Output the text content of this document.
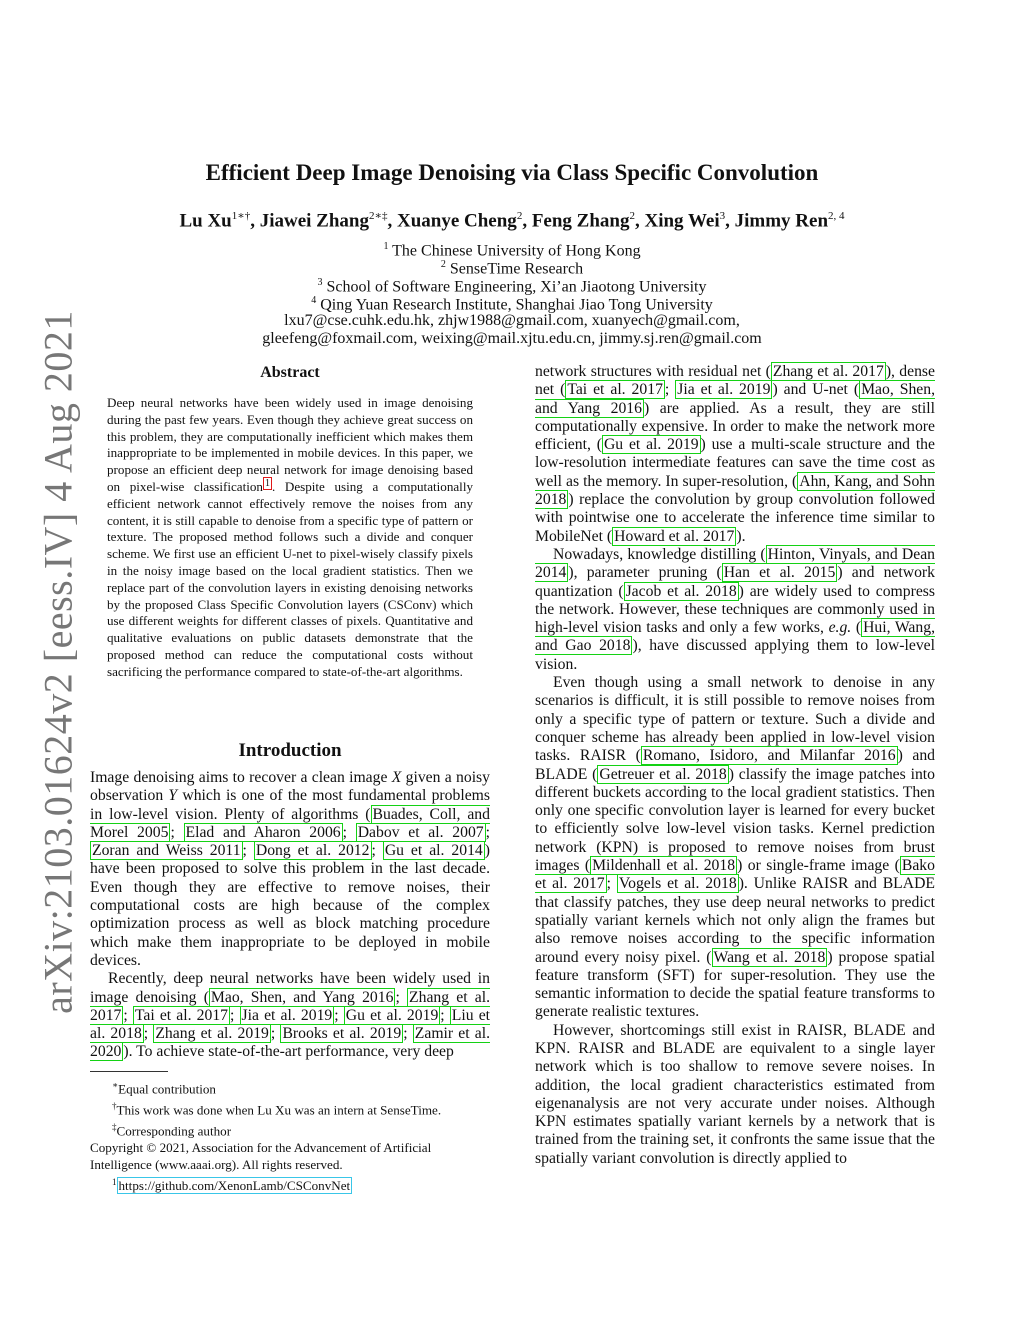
arXiv:2103.01624v2 [eess.IV] 4 Aug 2021
Efficient Deep Image Denoising via Class Specific Convolution
Lu $Xu^{1∗\dagger}$, Jiawei Zhang$^{2∗\ddagger}$, Xuanye Cheng$^2$, Feng Zhang$^2$, Xing Wei$^3$, Jimmy Ren$^{2, 4}$
$^1$ The Chinese University of Hong Kong
$^2$ SenseTime Research
$^3$ School of Software Engineering, Xi’an Jiaotong University
$^4$ Qing Yuan Research Institute, Shanghai Jiao Tong University
lxu7@cse.cuhk.edu.hk, zhjw1988@gmail.com, xuanyech@gmail.com,
gleefeng@foxmail.com, weixing@mail.xjtu.edu.cn, jimmy.sj.ren@gmail.com
Abstract
Deep neural networks have been widely used in image denoising during the past few years. Even though they achieve great success on this problem, they are computationally inefficient which makes them inappropriate to be implemented in mobile devices. In this paper, we propose an efficient deep neural network for image denoising based on pixel-wise classification $^1$ . Despite using a computationally efficient network cannot effectively remove the noises from any content, it is still capable to denoise from a specific type of pattern or texture. The proposed method follows such a divide and conquer scheme. We first use an efficient U-net to pixel-wisely classify pixels in the noisy image based on the local gradient statistics. Then we replace part of the convolution layers in existing denoising networks by the proposed Class Specific Convolution layers (CSConv) which use different weights for different classes of pixels. Quantitative and qualitative evaluations on public datasets demonstrate that the proposed method can reduce the computational costs without sacrificing the performance compared to state-of-the-art algorithms.
Introduction

Image denoising aims to recover a clean image X given a noisy observation Y which is one of the most fundamental problems in low-level vision. Plenty of algorithms ( Buades, Coll, and Morel 2005 ; Elad and Aharon 2006 ; Dabov et al. 2007 ; Zoran and Weiss 2011 ; Dong et al. 2012 ; Gu et al. 2014 ) have been proposed to solve this problem in the last decade. Even though they are effective to remove noises, their computational costs are high because of the complex optimization process as well as block matching procedure which make them inappropriate to be deployed in mobile devices.

Recently, deep neural networks have been widely used in image denoising ( Mao, Shen, and Yang 2016 ; Zhang et al. 2017 ; Tai et al. 2017 ; Jia et al. 2019 ; Gu et al. 2019 ; Liu et al. 2018 ; Zhang et al. 2019 ; Brooks et al. 2019 ; Zamir et al. 2020 ). To achieve state-of-the-art performance, very deep

∗Equal contribution

†This work was done when Lu Xu was an intern at SenseTime.

‡Corresponding author

Copyright © 2021, Association for the Advancement of Artificial Intelligence (www.aaai.org). All rights reserved.

$^1$ https://github.com/XenonLamb/CSConvNet

network structures with residual net ( Zhang et al. 2017 ), dense net ( Tai et al. 2017 ; Jia et al. 2019 ) and U-net ( Mao, Shen, and Yang 2016 ) are applied. As a result, they are still computationally expensive. In order to make the network more efficient, ( Gu et al. 2019 ) use a multi-scale structure and the low-resolution intermediate features can save the time cost as well as the memory. In super-resolution, ( Ahn, Kang, and Sohn 2018 ) replace the convolution by group convolution followed with pointwise one to accelerate the inference time similar to MobileNet ( Howard et al. 2017 ).

Nowadays, knowledge distilling ( Hinton, Vinyals, and Dean 2014 ), parameter pruning ( Han et al. 2015 ) and network quantization ( Jacob et al. 2018 ) are widely used to compress the network. However, these techniques are commonly used in high-level vision tasks and only a few works, e.g. ( Hui, Wang, and Gao 2018 ), have discussed applying them to low-level vision.

Even though using a small network to denoise in any scenarios is difficult, it is still possible to remove noises from only a specific type of pattern or texture. Such a divide and conquer scheme has already been applied in low-level vision tasks. RAISR ( Romano, Isidoro, and Milanfar 2016 ) and BLADE ( Getreuer et al. 2018 ) classify the image patches into different buckets according to the local gradient statistics. Then only one specific convolution layer is learned for every bucket to efficiently solve low-level vision tasks. Kernel prediction network (KPN) is proposed to remove noises from brust images ( Mildenhall et al. 2018 ) or single-frame image ( Bako et al. 2017 ; Vogels et al. 2018 ). Unlike RAISR and BLADE that classify patches, they use deep neural networks to predict spatially variant kernels which not only align the frames but also remove noises according to the specific information around every noisy pixel. ( Wang et al. 2018 ) propose spatial feature transform (SFT) for super-resolution. They use the semantic information to decide the spatial feature transforms to generate realistic textures.

However, shortcomings still exist in RAISR, BLADE and KPN. RAISR and BLADE are equivalent to a single layer network which is too shallow to remove severe noises. In addition, the local gradient characteristics estimated from eigenanalysis are not very accurate under noises. Although KPN estimates spatially variant kernels by a network that is trained from the training set, it confronts the same issue that the spatially variant convolution is directly applied to
